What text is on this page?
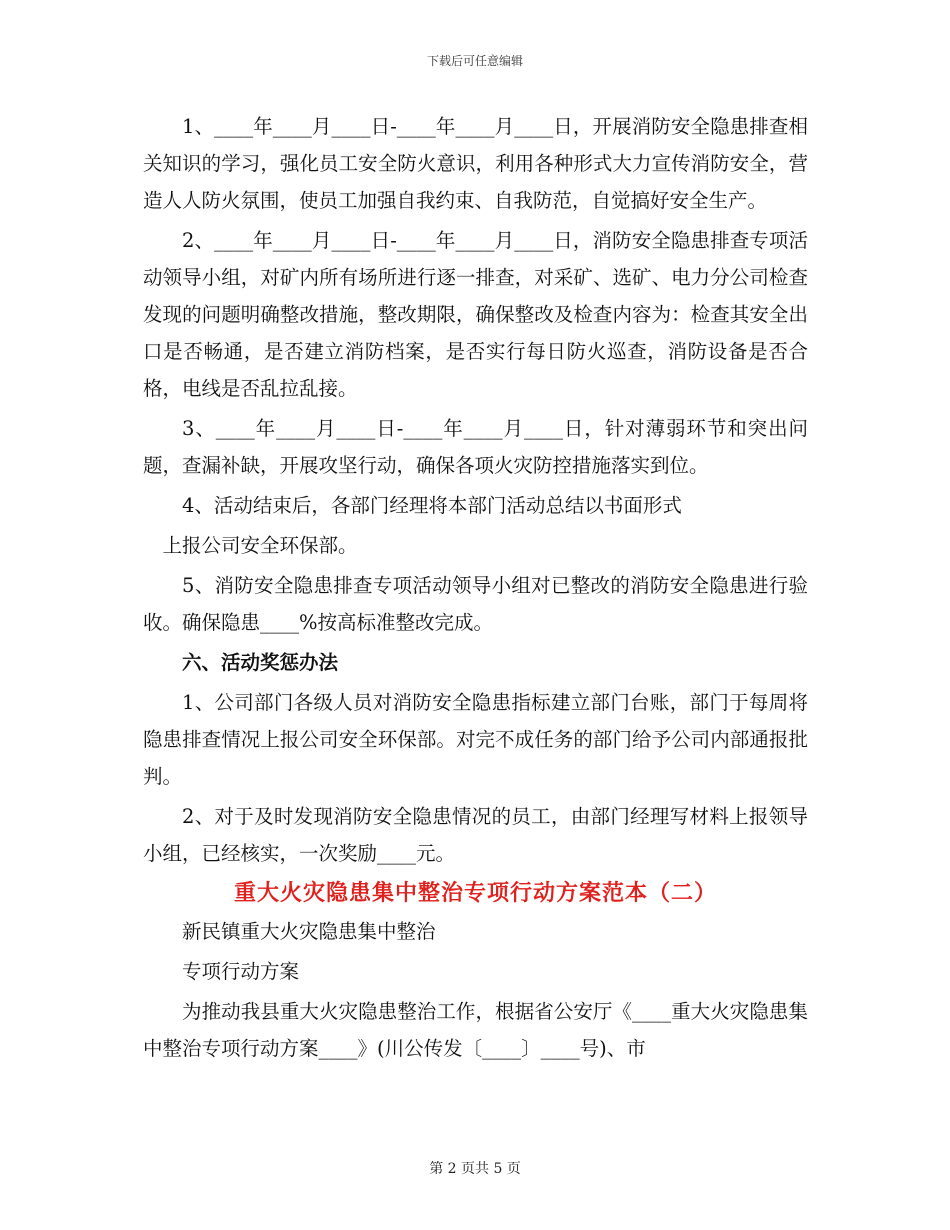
下载后可任意编辑

1、____年____月____日-____年____月____日，开展消防安全隐患排查相关知识的学习，强化员工安全防火意识，利用各种形式大力宣传消防安全，营造人人防火氛围，使员工加强自我约束、自我防范，自觉搞好安全生产。

2、____年____月____日-____年____月____日，消防安全隐患排查专项活动领导小组，对矿内所有场所进行逐一排查，对采矿、选矿、电力分公司检查发现的问题明确整改措施，整改期限，确保整改及检查内容为：检查其安全出口是否畅通，是否建立消防档案，是否实行每日防火巡查，消防设备是否合格，电线是否乱拉乱接。

3、____年____月____日-____年____月____日，针对薄弱环节和突出问题，查漏补缺，开展攻坚行动，确保各项火灾防控措施落实到位。

4、活动结束后，各部门经理将本部门活动总结以书面形式

上报公司安全环保部。

5、消防安全隐患排查专项活动领导小组对已整改的消防安全隐患进行验收。确保隐患____%按高标准整改完成。

六、活动奖惩办法

1、公司部门各级人员对消防安全隐患指标建立部门台账，部门于每周将隐患排查情况上报公司安全环保部。对完不成任务的部门给予公司内部通报批判。

2、对于及时发现消防安全隐患情况的员工，由部门经理写材料上报领导小组，已经核实，一次奖励____元。

重大火灾隐患集中整治专项行动方案范本（二）

新民镇重大火灾隐患集中整治

专项行动方案

为推动我县重大火灾隐患整治工作，根据省公安厅《____重大火灾隐患集中整治专项行动方案____》(川公传发〔____〕____号)、市

第 2 页共 5 页
